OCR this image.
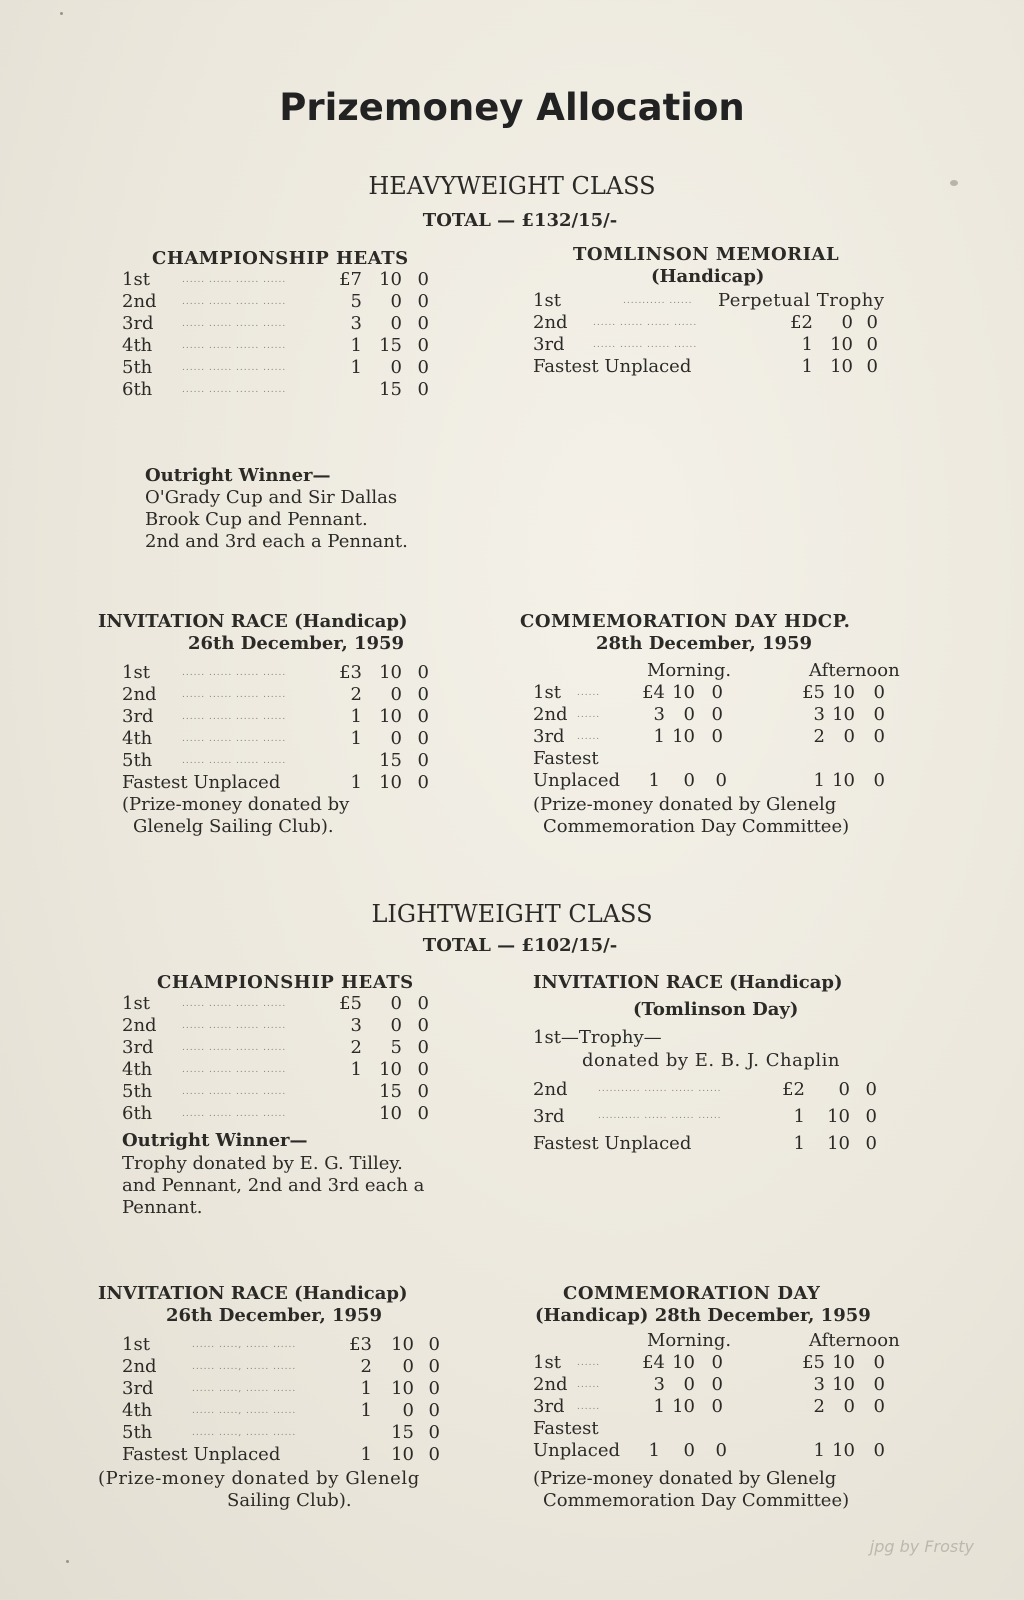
Prizemoney Allocation
HEAVYWEIGHT CLASS
TOTAL — £132/15/-
CHAMPIONSHIP HEATS
1st	...... ...... ...... ......	£7 10 0
2nd	...... ...... ...... ......	5	0 0
3rd	...... ...... ...... ......	3	0 0
4th	...... ...... ...... ......	1 15 0
5th	...... ...... ...... ......	1	0 0
6th	...... ...... ...... ......	15 0
TOMLINSON MEMORIAL
(Handicap)
1st	........... ...... Perpetual Trophy
2nd	...... ...... ...... ......	£2	0 0
3rd	...... ...... ...... ......	1 10 0
Fastest Unplaced	1 10 0
Outright Winner—
O'Grady Cup and Sir Dallas
Brook Cup and Pennant.
2nd and 3rd each a Pennant.
INVITATION RACE (Handicap)
26th December, 1959
1st	...... ...... ...... ......	£3 10 0
2nd	...... ...... ...... ......	2	0 0
3rd	...... ...... ...... ......	1 10 0
4th	...... ...... ...... ......	1	0 0
5th	...... ...... ...... ......	15 0
Fastest Unplaced	1 10 0
(Prize-money donated by
Glenelg Sailing Club).
COMMEMORATION DAY HDCP.
28th December, 1959
Morning.	Afternoon
1st ......	£4 10 0	£5 10	0
2nd ......	3	0 0	3 10	0
3rd ......	1 10 0	2	0	0
Fastest
Unplaced	1	0	0	1 10	0
(Prize-money donated by Glenelg
Commemoration Day Committee)
LIGHTWEIGHT CLASS
TOTAL — £102/15/-
CHAMPIONSHIP HEATS
1st	...... ...... ...... ......	£5	0 0
2nd	...... ...... ...... ......	3	0 0
3rd	...... ...... ...... ......	2	5 0
4th	...... ...... ...... ......	1 10 0
5th	...... ...... ...... ......	15 0
6th	...... ...... ...... ......	10 0
Outright Winner—
Trophy donated by E. G. Tilley.
and Pennant, 2nd and 3rd each a
Pennant.
INVITATION RACE (Handicap)
(Tomlinson Day)
1st—Trophy—
donated by E. B. J. Chaplin
2nd	........... ...... ...... ......	£2	0 0
3rd	........... ...... ...... ......	1	10 0
Fastest Unplaced	1	10 0
INVITATION RACE (Handicap)
26th December, 1959
1st	...... ....., ...... ......	£3	10 0
2nd	...... ....., ...... ......	2	0 0
3rd	...... ....., ...... ......	1	10 0
4th	...... ....., ...... ......	1	0 0
5th	...... ....., ...... ......	15 0
Fastest Unplaced	1	10 0
(Prize-money donated by Glenelg
Sailing Club).
COMMEMORATION DAY
(Handicap) 28th December, 1959
Morning.	Afternoon
1st ......	£4 10 0	£5 10	0
2nd ......	3	0 0	3 10	0
3rd ......	1 10 0	2	0	0
Fastest
Unplaced	1	0	0	1 10	0
(Prize-money donated by Glenelg
Commemoration Day Committee)
jpg by Frosty
